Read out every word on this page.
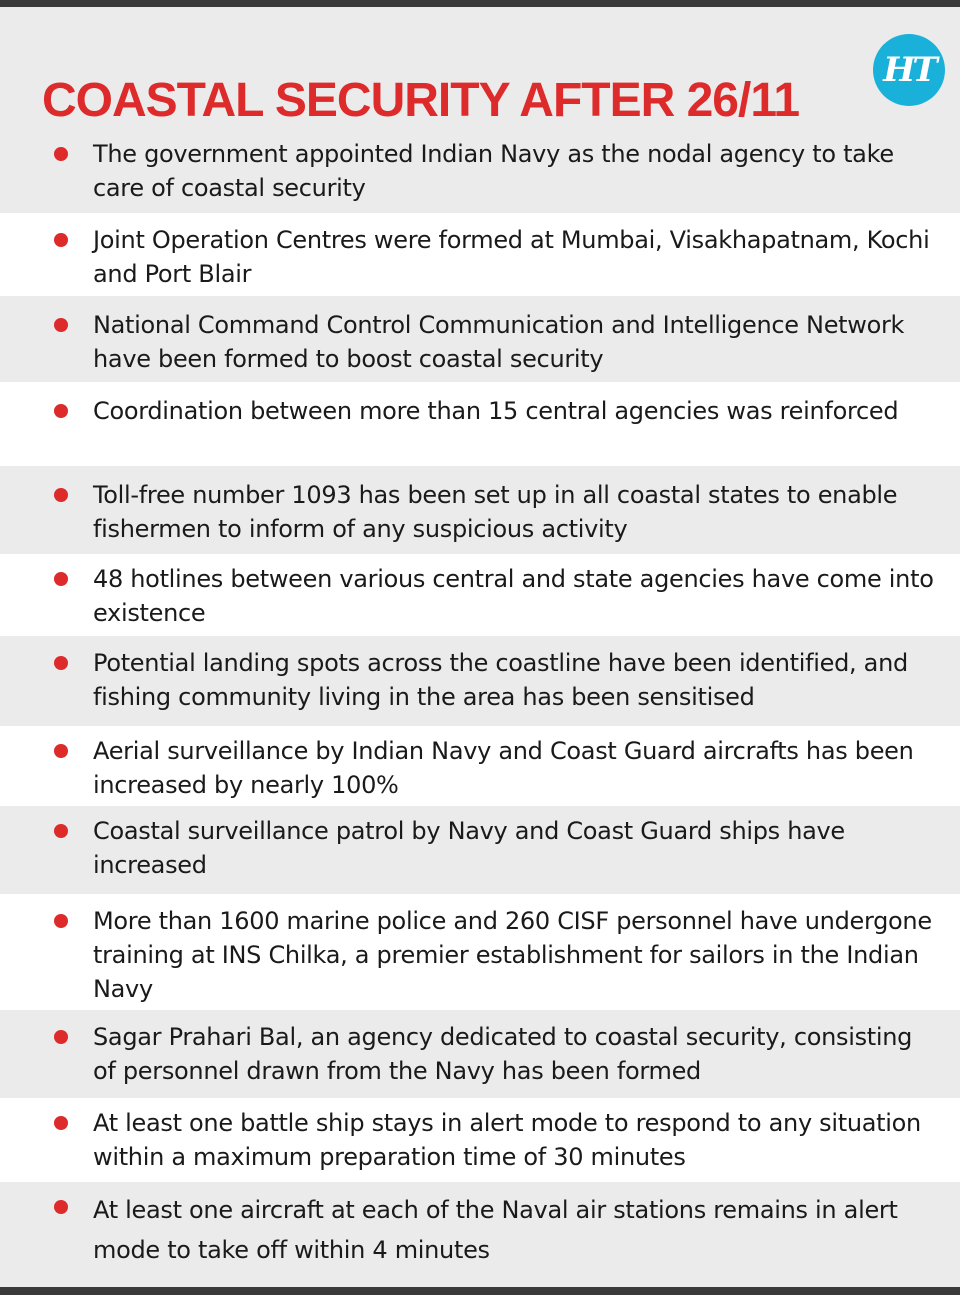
COASTAL SECURITY AFTER 26/11
HT

The government appointed Indian Navy as the nodal agency to take care of coastal security

Joint Operation Centres were formed at Mumbai, Visakhapatnam, Kochi and Port Blair

National Command Control Communication and Intelligence Network have been formed to boost coastal security

Coordination between more than 15 central agencies was reinforced

Toll-free number 1093 has been set up in all coastal states to enable fishermen to inform of any suspicious activity

48 hotlines between various central and state agencies have come into existence

Potential landing spots across the coastline have been identified, and fishing community living in the area has been sensitised

Aerial surveillance by Indian Navy and Coast Guard aircrafts has been increased by nearly 100%

Coastal surveillance patrol by Navy and Coast Guard ships have increased

More than 1600 marine police and 260 CISF personnel have undergone training at INS Chilka, a premier establishment for sailors in the Indian Navy

Sagar Prahari Bal, an agency dedicated to coastal security, consisting of personnel drawn from the Navy has been formed

At least one battle ship stays in alert mode to respond to any situation within a maximum preparation time of 30 minutes

At least one aircraft at each of the Naval air stations remains in alert mode to take off within 4 minutes
